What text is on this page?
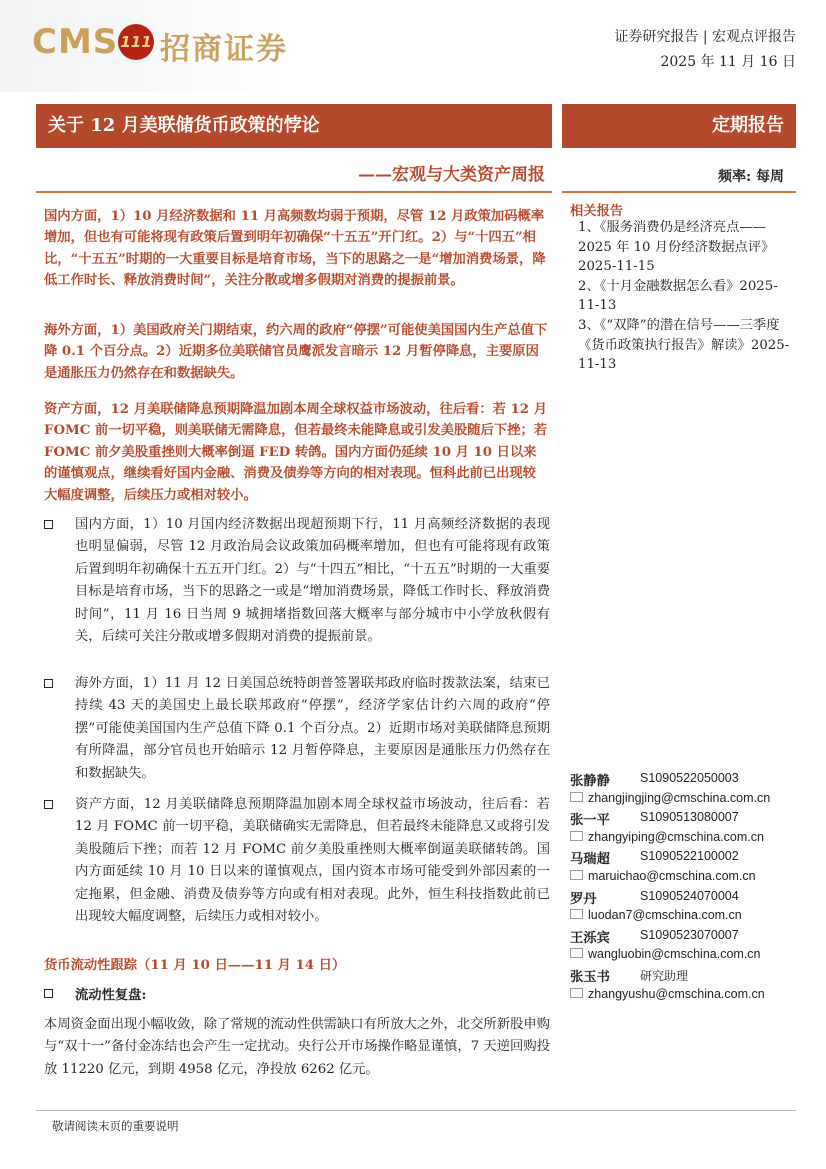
CMS 111 招商证券	证券研究报告 | 宏观点评报告
2025 年 11 月 16 日
关于 12 月美联储货币政策的悖论
——宏观与大类资产周报
定期报告
频率: 每周

国内方面，1）10 月经济数据和 11 月高频数均弱于预期，尽管 12 月政策加码概率增加，但也有可能将现有政策后置到明年初确保“十五五”开门红。2）与“十四五”相比，“十五五”时期的一大重要目标是培育市场，当下的思路之一是“增加消费场景，降低工作时长、释放消费时间”，关注分散或增多假期对消费的提振前景。

海外方面，1）美国政府关门期结束，约六周的政府“停摆”可能使美国国内生产总值下降 0.1 个百分点。2）近期多位美联储官员鹰派发言暗示 12 月暂停降息，主要原因是通胀压力仍然存在和数据缺失。

资产方面，12 月美联储降息预期降温加剧本周全球权益市场波动，往后看：若 12 月 FOMC 前一切平稳，则美联储无需降息，但若最终未能降息或引发美股随后下挫；若 FOMC 前夕美股重挫则大概率倒逼 FED 转鸽。国内方面仍延续 10 月 10 日以来的谨慎观点，继续看好国内金融、消费及债券等方向的相对表现。恒科此前已出现较大幅度调整，后续压力或相对较小。

国内方面，1）10 月国内经济数据出现超预期下行，11 月高频经济数据的表现也明显偏弱，尽管 12 月政治局会议政策加码概率增加，但也有可能将现有政策后置到明年初确保十五五开门红。2）与“十四五”相比，“十五五”时期的一大重要目标是培育市场，当下的思路之一或是“增加消费场景，降低工作时长、释放消费时间”，11 月 16 日当周 9 城拥堵指数回落大概率与部分城市中小学放秋假有关，后续可关注分散或增多假期对消费的提振前景。

海外方面，1）11 月 12 日美国总统特朗普签署联邦政府临时拨款法案，结束已持续 43 天的美国史上最长联邦政府“停摆”，经济学家估计约六周的政府“停摆”可能使美国国内生产总值下降 0.1 个百分点。2）近期市场对美联储降息预期有所降温，部分官员也开始暗示 12 月暂停降息，主要原因是通胀压力仍然存在和数据缺失。

资产方面，12 月美联储降息预期降温加剧本周全球权益市场波动，往后看：若 12 月 FOMC 前一切平稳，美联储确实无需降息，但若最终未能降息又或将引发美股随后下挫；而若 12 月 FOMC 前夕美股重挫则大概率倒逼美联储转鸽。国内方面延续 10 月 10 日以来的谨慎观点，国内资本市场可能受到外部因素的一定拖累，但金融、消费及债券等方向或有相对表现。此外，恒生科技指数此前已出现较大幅度调整，后续压力或相对较小。

货币流动性跟踪（11 月 10 日——11 月 14 日）
流动性复盘:

本周资金面出现小幅收敛，除了常规的流动性供需缺口有所放大之外，北交所新股申购与“双十一”备付金冻结也会产生一定扰动。央行公开市场操作略显谨慎，7 天逆回购投放 11220 亿元，到期 4958 亿元，净投放 6262 亿元。

相关报告
1、《服务消费仍是经济亮点——2025 年 10 月份经济数据点评》2025-11-15
2、《十月金融数据怎么看》2025-11-13
3、《“双降”的潜在信号——三季度《货币政策执行报告》解读》2025-11-13
张静静 S1090522050003
zhangjingjing@cmschina.com.cn
张一平 S1090513080007
zhangyiping@cmschina.com.cn
马瑞超 S1090522100002
maruichao@cmschina.com.cn
罗丹	S1090524070004
luodan7@cmschina.com.cn
王泺宾 S1090523070007
wangluobin@cmschina.com.cn
张玉书	研究助理
zhangyushu@cmschina.com.cn
敬请阅读末页的重要说明
